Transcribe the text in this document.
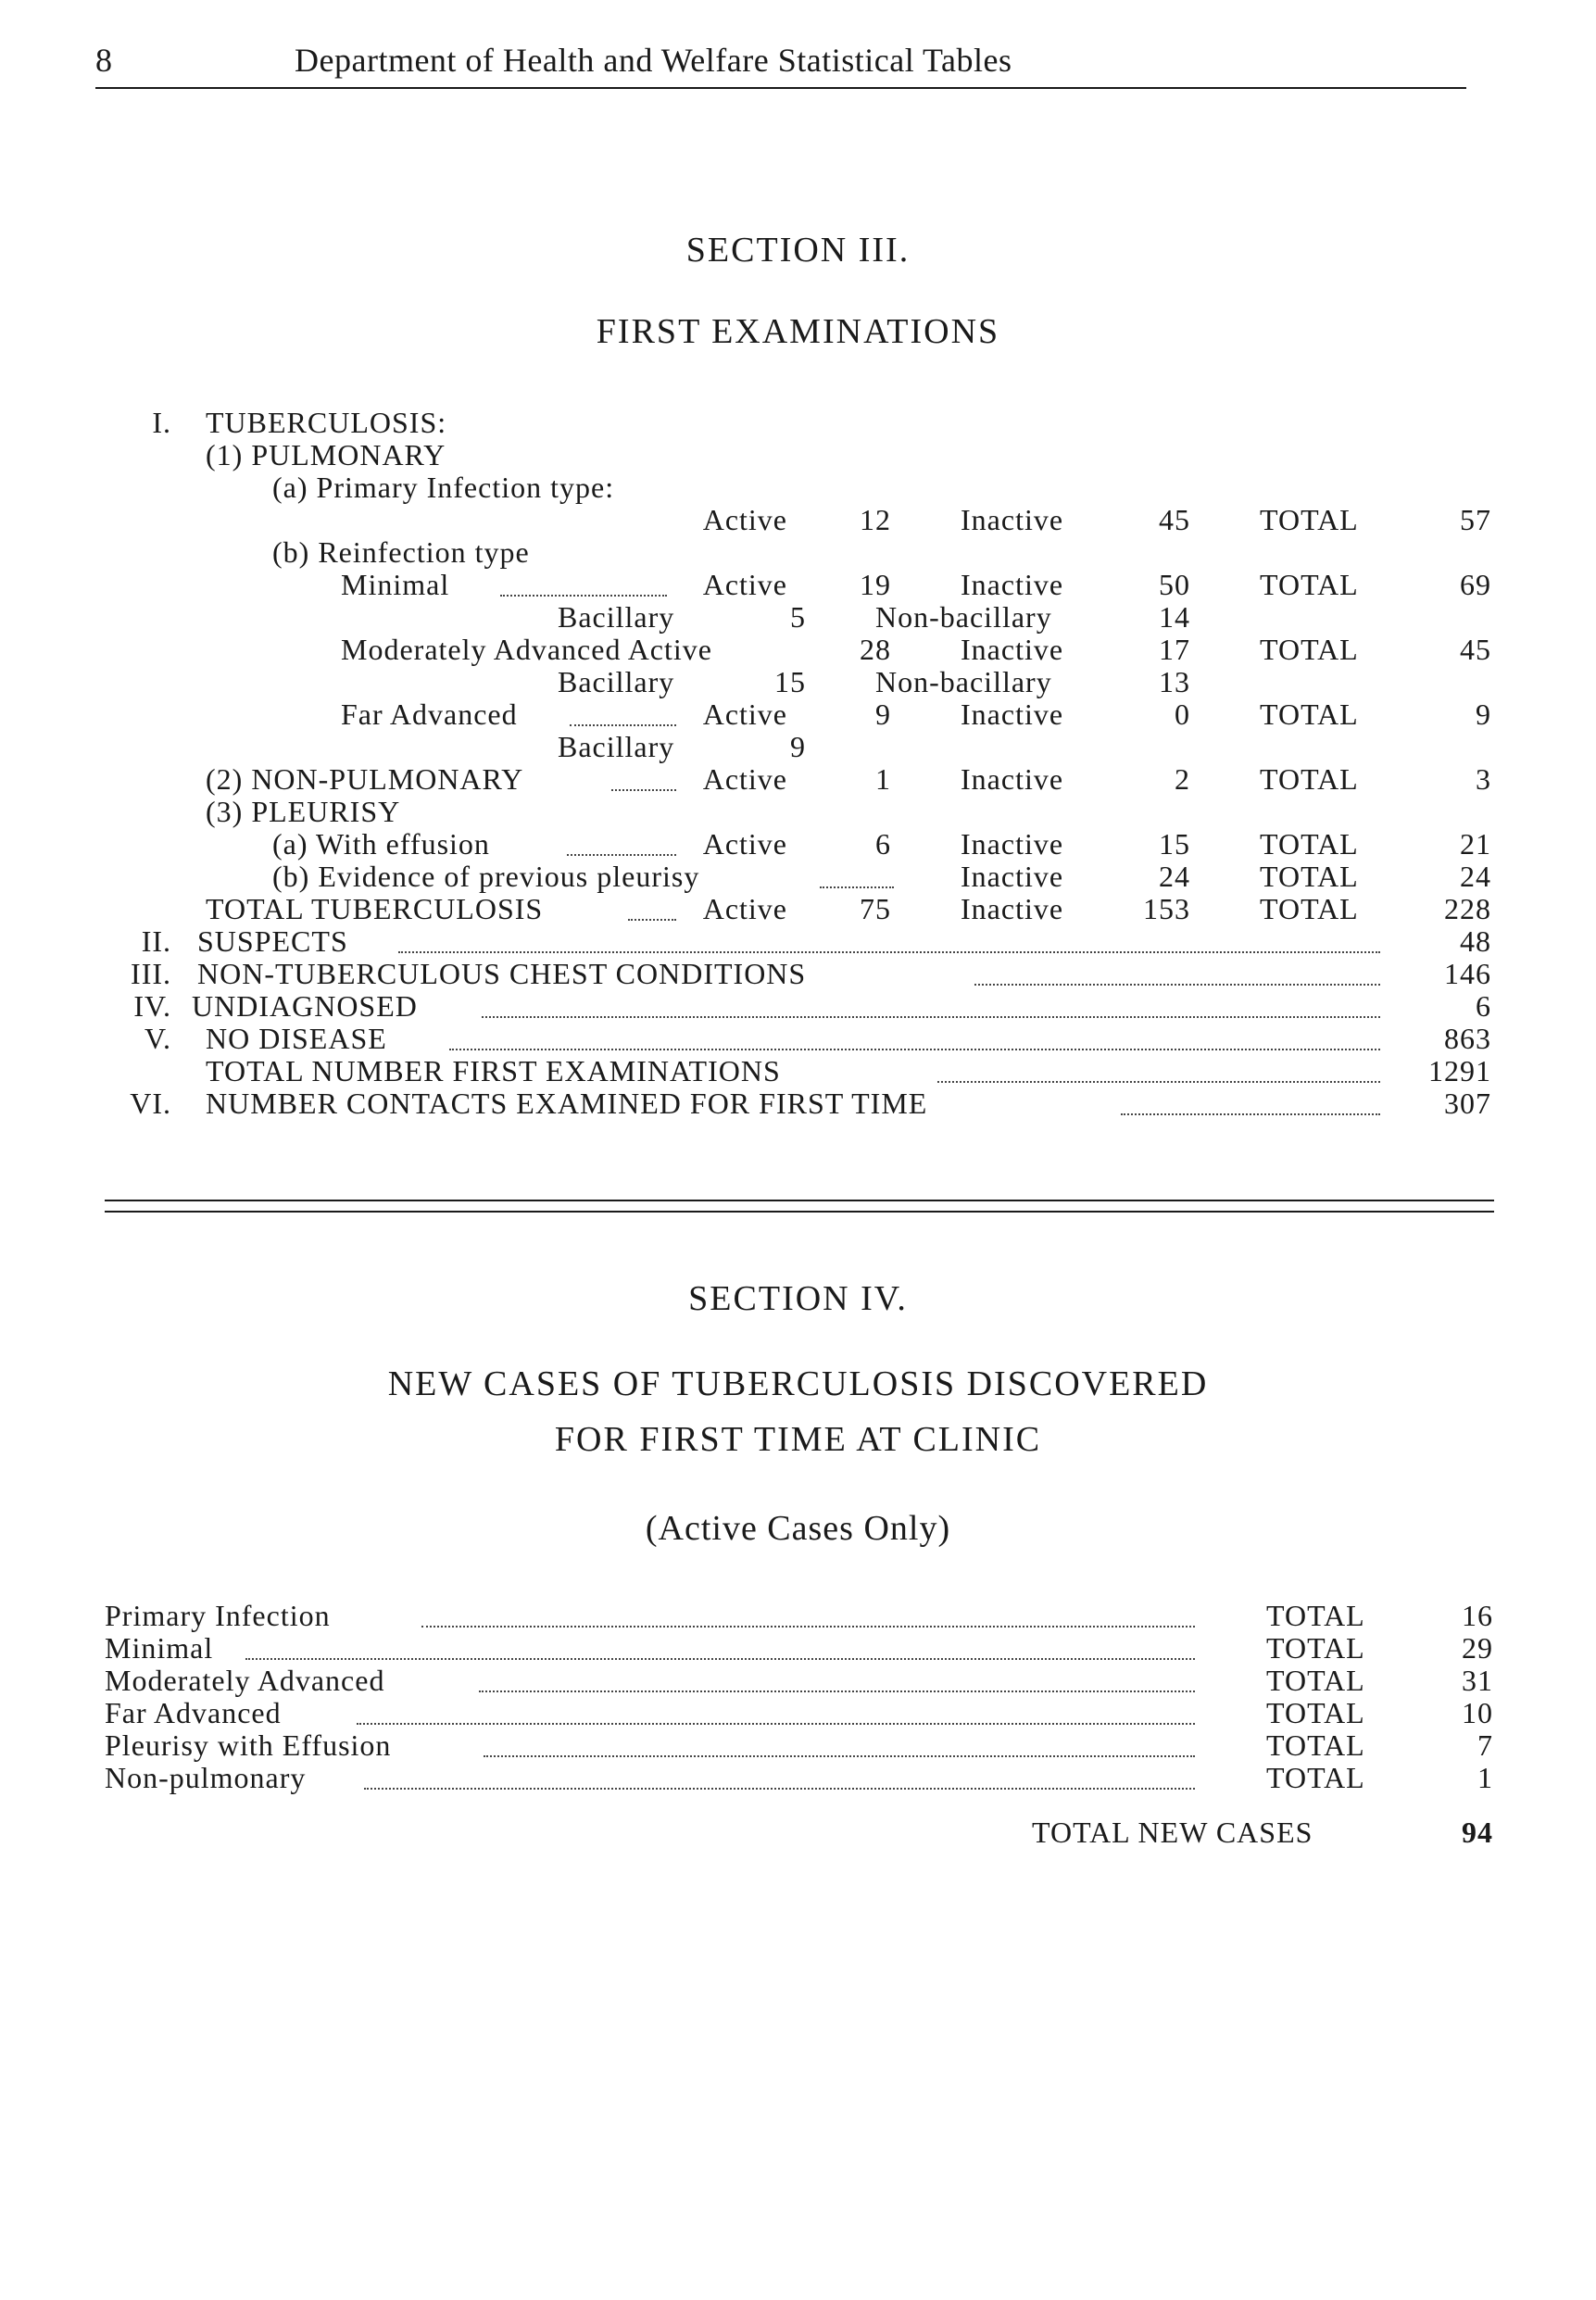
8	Department of Health and Welfare Statistical Tables
SECTION III.
FIRST EXAMINATIONS
I. TUBERCULOSIS:
(1) PULMONARY
(a) Primary Infection type:
Active	12 Inactive	45 TOTAL	57
(b) Reinfection type
Minimal	Active	19 Inactive	50 TOTAL	69
Bacillary	5 Non-bacillary	14
Moderately Advanced Active	28 Inactive	17 TOTAL	45
Bacillary	15 Non-bacillary	13
Far Advanced	Active	9 Inactive	0 TOTAL	9
Bacillary	9
(2) NON-PULMONARY	Active	1 Inactive	2 TOTAL	3
(3) PLEURISY
(a) With effusion	Active	6 Inactive	15 TOTAL	21
(b) Evidence of previous pleurisy	Inactive	24 TOTAL	24
TOTAL TUBERCULOSIS	Active	75 Inactive	153 TOTAL	228
II. SUSPECTS	48
III. NON-TUBERCULOUS CHEST CONDITIONS	146
IV. UNDIAGNOSED	6
V. NO DISEASE	863
TOTAL NUMBER FIRST EXAMINATIONS	1291
VI. NUMBER CONTACTS EXAMINED FOR FIRST TIME	307
SECTION IV.
NEW CASES OF TUBERCULOSIS DISCOVERED
FOR FIRST TIME AT CLINIC
(Active Cases Only)
Primary Infection	TOTAL	16
Minimal	TOTAL	29
Moderately Advanced	TOTAL	31
Far Advanced	TOTAL	10
Pleurisy with Effusion	TOTAL	7
Non-pulmonary	TOTAL	1
TOTAL NEW CASES	94
